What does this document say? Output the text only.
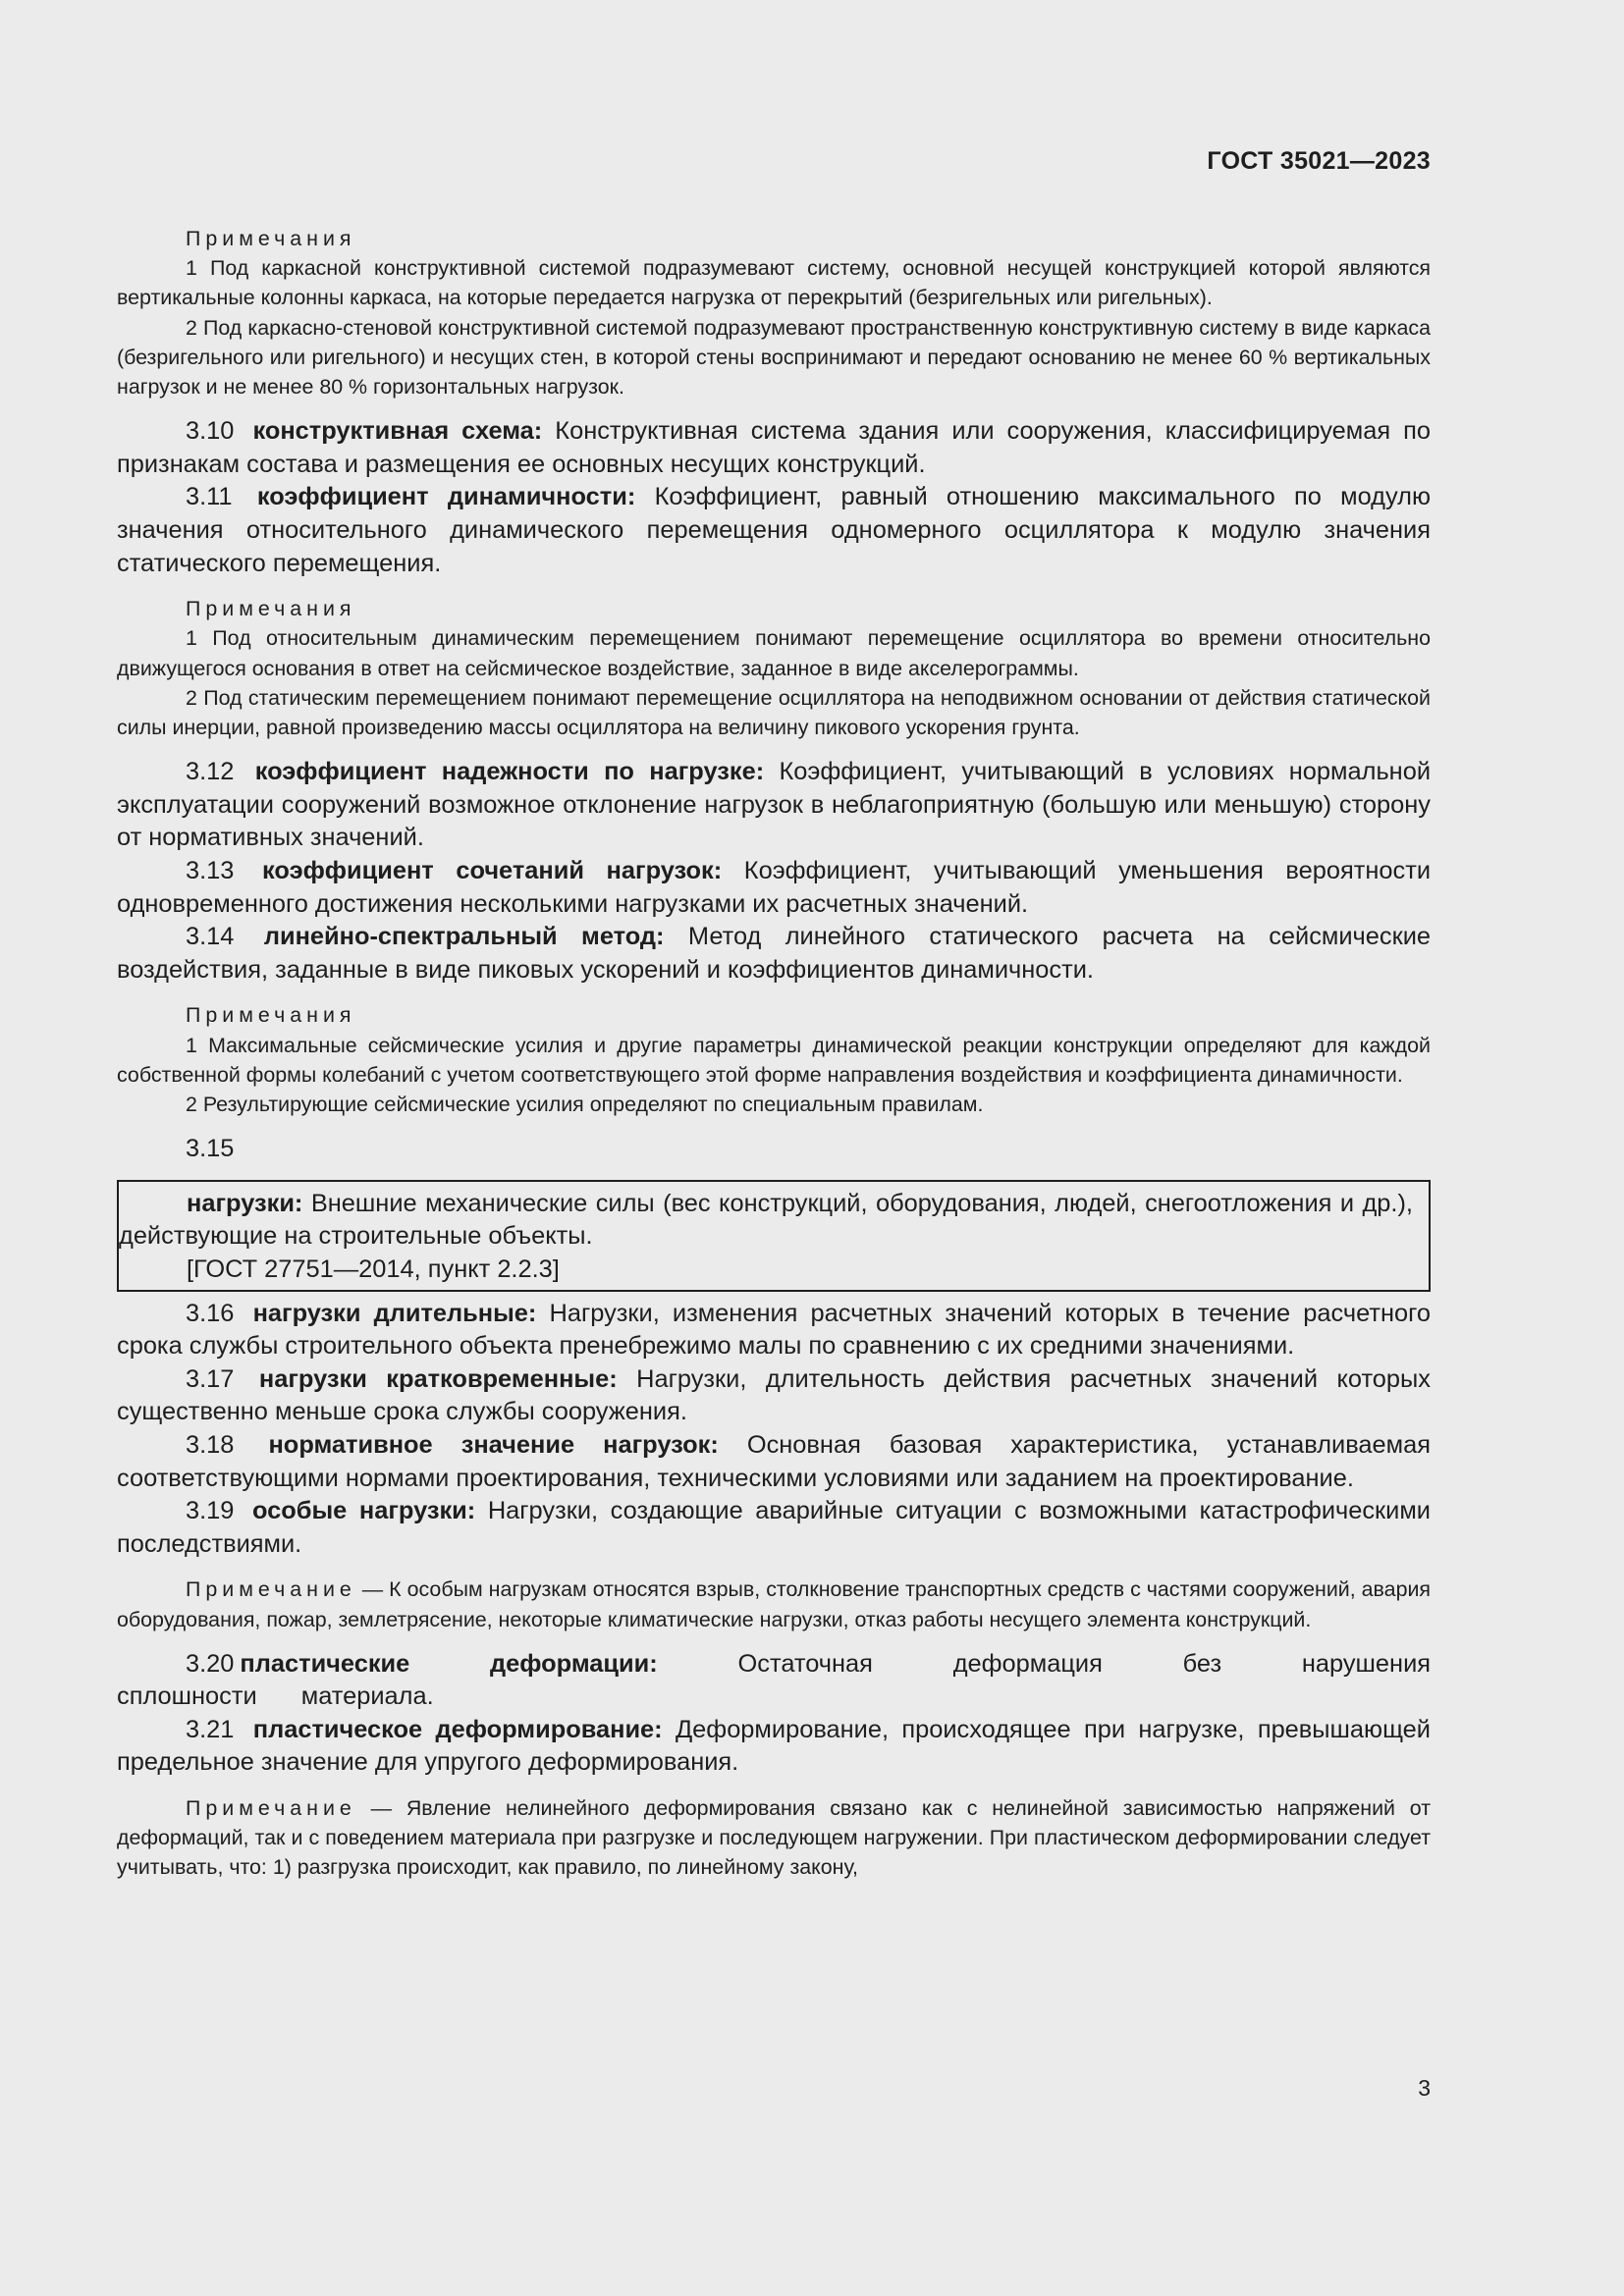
ГОСТ 35021—2023

Примечания

1 Под каркасной конструктивной системой подразумевают систему, основной несущей конструкцией которой являются вертикальные колонны каркаса, на которые передается нагрузка от перекрытий (безригельных или ригельных).

2 Под каркасно-стеновой конструктивной системой подразумевают пространственную конструктивную систему в виде каркаса (безригельного или ригельного) и несущих стен, в которой стены воспринимают и передают основанию не менее 60 % вертикальных нагрузок и не менее 80 % горизонтальных нагрузок.

3.10 конструктивная схема: Конструктивная система здания или сооружения, классифицируемая по признакам состава и размещения ее основных несущих конструкций.

3.11 коэффициент динамичности: Коэффициент, равный отношению максимального по модулю значения относительного динамического перемещения одномерного осциллятора к модулю значения статического перемещения.

Примечания

1 Под относительным динамическим перемещением понимают перемещение осциллятора во времени относительно движущегося основания в ответ на сейсмическое воздействие, заданное в виде акселерограммы.

2 Под статическим перемещением понимают перемещение осциллятора на неподвижном основании от действия статической силы инерции, равной произведению массы осциллятора на величину пикового ускорения грунта.

3.12 коэффициент надежности по нагрузке: Коэффициент, учитывающий в условиях нормальной эксплуатации сооружений возможное отклонение нагрузок в неблагоприятную (большую или меньшую) сторону от нормативных значений.

3.13 коэффициент сочетаний нагрузок: Коэффициент, учитывающий уменьшения вероятности одновременного достижения несколькими нагрузками их расчетных значений.

3.14 линейно-спектральный метод: Метод линейного статического расчета на сейсмические воздействия, заданные в виде пиковых ускорений и коэффициентов динамичности.

Примечания

1 Максимальные сейсмические усилия и другие параметры динамической реакции конструкции определяют для каждой собственной формы колебаний с учетом соответствующего этой форме направления воздействия и коэффициента динамичности.

2 Результирующие сейсмические усилия определяют по специальным правилам.

3.15

нагрузки: Внешние механические силы (вес конструкций, оборудования, людей, снегоотложения и др.), действующие на строительные объекты.

[ГОСТ 27751—2014, пункт 2.2.3]

3.16 нагрузки длительные: Нагрузки, изменения расчетных значений которых в течение расчетного срока службы строительного объекта пренебрежимо малы по сравнению с их средними значениями.

3.17 нагрузки кратковременные: Нагрузки, длительность действия расчетных значений которых существенно меньше срока службы сооружения.

3.18 нормативное значение нагрузок: Основная базовая характеристика, устанавливаемая соответствующими нормами проектирования, техническими условиями или заданием на проектирование.

3.19 особые нагрузки: Нагрузки, создающие аварийные ситуации с возможными катастрофическими последствиями.

Примечание — К особым нагрузкам относятся взрыв, столкновение транспортных средств с частями сооружений, авария оборудования, пожар, землетрясение, некоторые климатические нагрузки, отказ работы несущего элемента конструкций.

3.20 пластические деформации:	Остаточная деформация без нарушения сплошности материала.

3.21 пластическое деформирование: Деформирование, происходящее при нагрузке, превышающей предельное значение для упругого деформирования.

Примечание — Явление нелинейного деформирования связано как с нелинейной зависимостью напряжений от деформаций, так и с поведением материала при разгрузке и последующем нагружении. При пластическом деформировании следует учитывать, что: 1) разгрузка происходит, как правило, по линейному закону,

3
